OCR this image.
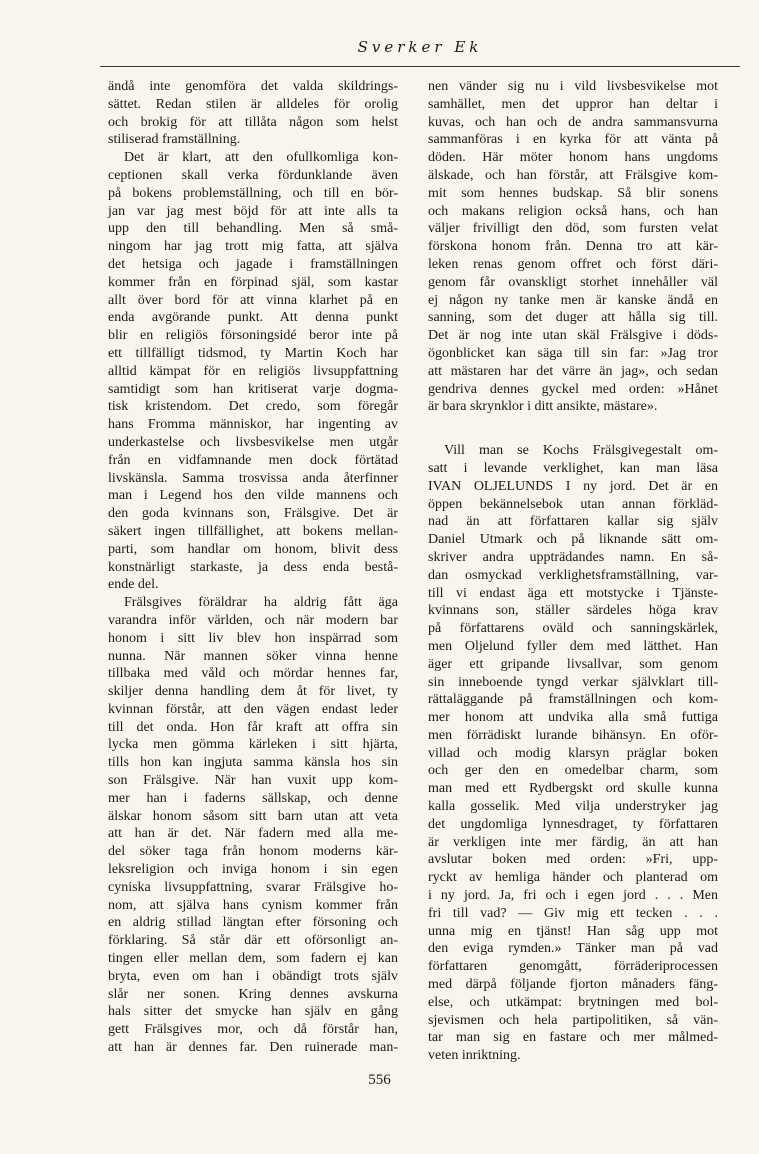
Sverker Ek
ändå inte genomföra det valda skildrings-
sättet. Redan stilen är alldeles för orolig
och brokig för att tillåta någon som helst
stiliserad framställning.
Det är klart, att den ofullkomliga kon-
ceptionen skall verka fördunklande även
på bokens problemställning, och till en bör-
jan var jag mest böjd för att inte alls ta
upp den till behandling. Men så små-
ningom har jag trott mig fatta, att själva
det hetsiga och jagade i framställningen
kommer från en förpinad själ, som kastar
allt över bord för att vinna klarhet på en
enda avgörande punkt. Att denna punkt
blir en religiös försoningsidé beror inte på
ett tillfälligt tidsmod, ty Martin Koch har
alltid kämpat för en religiös livsuppfattning
samtidigt som han kritiserat varje dogma-
tisk kristendom. Det credo, som föregår
hans Fromma människor, har ingenting av
underkastelse och livsbesvikelse men utgår
från en vidfamnande men dock förtätad
livskänsla. Samma trosvissa anda återfinner
man i Legend hos den vilde mannens och
den goda kvinnans son, Frälsgive. Det är
säkert ingen tillfällighet, att bokens mellan-
parti, som handlar om honom, blivit dess
konstnärligt starkaste, ja dess enda bestå-
ende del.
Frälsgives föräldrar ha aldrig fått äga
varandra inför världen, och när modern bar
honom i sitt liv blev hon inspärrad som
nunna. När mannen söker vinna henne
tillbaka med våld och mördar hennes far,
skiljer denna handling dem åt för livet, ty
kvinnan förstår, att den vägen endast leder
till det onda. Hon får kraft att offra sin
lycka men gömma kärleken i sitt hjärta,
tills hon kan ingjuta samma känsla hos sin
son Frälsgive. När han vuxit upp kom-
mer han i faderns sällskap, och denne
älskar honom såsom sitt barn utan att veta
att han är det. När fadern med alla me-
del söker taga från honom moderns kär-
leksreligion och inviga honom i sin egen
cyniska livsuppfattning, svarar Frälsgive ho-
nom, att själva hans cynism kommer från
en aldrig stillad längtan efter försoning och
förklaring. Så står där ett oförsonligt an-
tingen eller mellan dem, som fadern ej kan
bryta, even om han i obändigt trots själv
slår ner sonen. Kring dennes avskurna
hals sitter det smycke han själv en gång
gett Frälsgives mor, och då förstår han,
att han är dennes far. Den ruinerade man-
nen vänder sig nu i vild livsbesvikelse mot
samhället, men det uppror han deltar i
kuvas, och han och de andra sammansvurna
sammanföras i en kyrka för att vänta på
döden. Här möter honom hans ungdoms
älskade, och han förstår, att Frälsgive kom-
mit som hennes budskap. Så blir sonens
och makans religion också hans, och han
väljer frivilligt den död, som fursten velat
förskona honom från. Denna tro att kär-
leken renas genom offret och först däri-
genom får ovanskligt storhet innehåller väl
ej någon ny tanke men är kanske ändå en
sanning, som det duger att hålla sig till.
Det är nog inte utan skäl Frälsgive i döds-
ögonblicket kan säga till sin far: »Jag tror
att mästaren har det värre än jag», och sedan
gendriva dennes gyckel med orden: »Hånet
är bara skrynklor i ditt ansikte, mästare».
Vill man se Kochs Frälsgivegestalt om-
satt i levande verklighet, kan man läsa
IVAN OLJELUNDS I ny jord. Det är en
öppen bekännelsebok utan annan förkläd-
nad än att författaren kallar sig själv
Daniel Utmark och på liknande sätt om-
skriver andra uppträdandes namn. En så-
dan osmyckad verklighetsframställning, var-
till vi endast äga ett motstycke i Tjänste-
kvinnans son, ställer särdeles höga krav
på författarens oväld och sanningskärlek,
men Oljelund fyller dem med lätthet. Han
äger ett gripande livsallvar, som genom
sin inneboende tyngd verkar självklart till-
rättaläggande på framställningen och kom-
mer honom att undvika alla små futtiga
men förrädiskt lurande bihänsyn. En oför-
villad och modig klarsyn präglar boken
och ger den en omedelbar charm, som
man med ett Rydbergskt ord skulle kunna
kalla gosselik. Med vilja understryker jag
det ungdomliga lynnesdraget, ty författaren
är verkligen inte mer färdig, än att han
avslutar boken med orden: »Fri, upp-
ryckt av hemliga händer och planterad om
i ny jord. Ja, fri och i egen jord . . . Men
fri till vad? — Giv mig ett tecken . . .
unna mig en tjänst! Han såg upp mot
den eviga rymden.» Tänker man på vad
författaren genomgått, förräderiprocessen
med därpå följande fjorton månaders fäng-
else, och utkämpat: brytningen med bol-
sjevismen och hela partipolitiken, så vän-
tar man sig en fastare och mer målmed-
veten inriktning.
556
